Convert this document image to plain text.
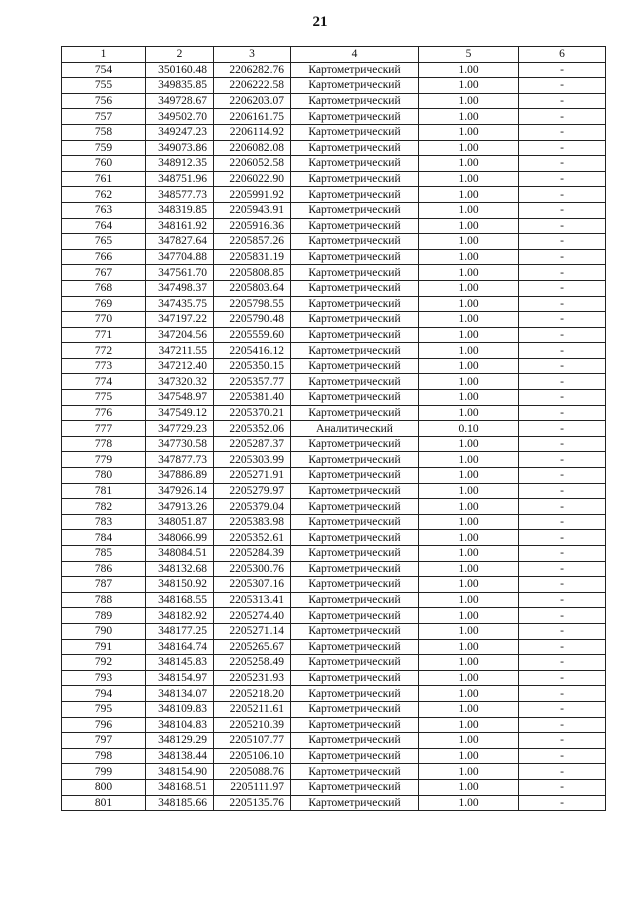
21
1	2	3	4	5	6
754	350160.48	2206282.76	Картометрический	1.00	-
755	349835.85	2206222.58	Картометрический	1.00	-
756	349728.67	2206203.07	Картометрический	1.00	-
757	349502.70	2206161.75	Картометрический	1.00	-
758	349247.23	2206114.92	Картометрический	1.00	-
759	349073.86	2206082.08	Картометрический	1.00	-
760	348912.35	2206052.58	Картометрический	1.00	-
761	348751.96	2206022.90	Картометрический	1.00	-
762	348577.73	2205991.92	Картометрический	1.00	-
763	348319.85	2205943.91	Картометрический	1.00	-
764	348161.92	2205916.36	Картометрический	1.00	-
765	347827.64	2205857.26	Картометрический	1.00	-
766	347704.88	2205831.19	Картометрический	1.00	-
767	347561.70	2205808.85	Картометрический	1.00	-
768	347498.37	2205803.64	Картометрический	1.00	-
769	347435.75	2205798.55	Картометрический	1.00	-
770	347197.22	2205790.48	Картометрический	1.00	-
771	347204.56	2205559.60	Картометрический	1.00	-
772	347211.55	2205416.12	Картометрический	1.00	-
773	347212.40	2205350.15	Картометрический	1.00	-
774	347320.32	2205357.77	Картометрический	1.00	-
775	347548.97	2205381.40	Картометрический	1.00	-
776	347549.12	2205370.21	Картометрический	1.00	-
777	347729.23	2205352.06	Аналитический	0.10	-
778	347730.58	2205287.37	Картометрический	1.00	-
779	347877.73	2205303.99	Картометрический	1.00	-
780	347886.89	2205271.91	Картометрический	1.00	-
781	347926.14	2205279.97	Картометрический	1.00	-
782	347913.26	2205379.04	Картометрический	1.00	-
783	348051.87	2205383.98	Картометрический	1.00	-
784	348066.99	2205352.61	Картометрический	1.00	-
785	348084.51	2205284.39	Картометрический	1.00	-
786	348132.68	2205300.76	Картометрический	1.00	-
787	348150.92	2205307.16	Картометрический	1.00	-
788	348168.55	2205313.41	Картометрический	1.00	-
789	348182.92	2205274.40	Картометрический	1.00	-
790	348177.25	2205271.14	Картометрический	1.00	-
791	348164.74	2205265.67	Картометрический	1.00	-
792	348145.83	2205258.49	Картометрический	1.00	-
793	348154.97	2205231.93	Картометрический	1.00	-
794	348134.07	2205218.20	Картометрический	1.00	-
795	348109.83	2205211.61	Картометрический	1.00	-
796	348104.83	2205210.39	Картометрический	1.00	-
797	348129.29	2205107.77	Картометрический	1.00	-
798	348138.44	2205106.10	Картометрический	1.00	-
799	348154.90	2205088.76	Картометрический	1.00	-
800	348168.51	2205111.97	Картометрический	1.00	-
801	348185.66	2205135.76	Картометрический	1.00	-
